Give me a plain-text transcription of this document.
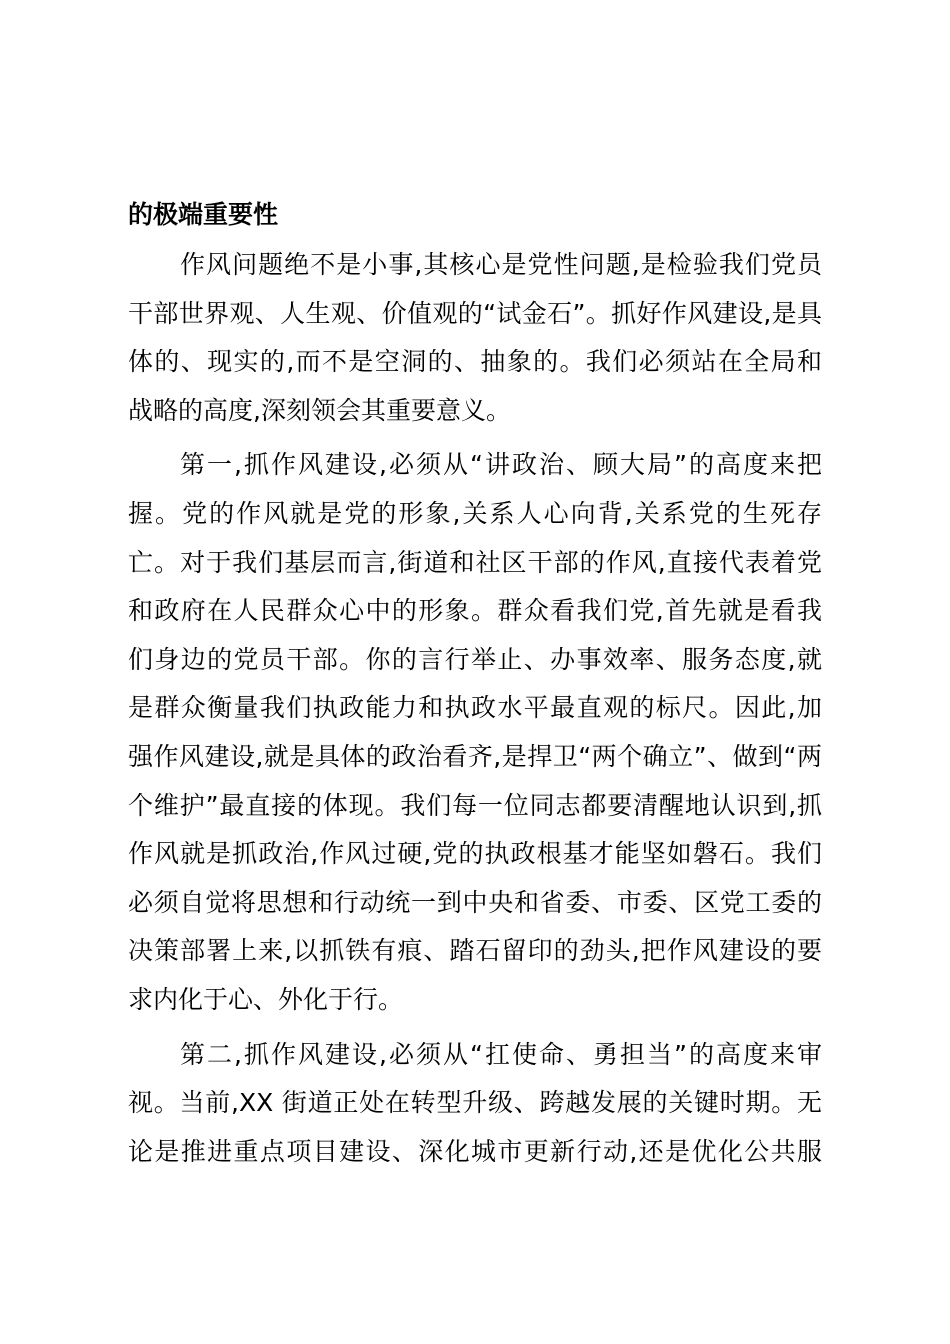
的极端重要性
作风问题绝不是小事,其核心是党性问题,是检验我们党员
干部世界观、人生观、价值观的“试金石”。抓好作风建设,是具
体的、现实的,而不是空洞的、抽象的。我们必须站在全局和
战略的高度,深刻领会其重要意义。
第一,抓作风建设,必须从“讲政治、顾大局”的高度来把
握。党的作风就是党的形象,关系人心向背,关系党的生死存
亡。对于我们基层而言,街道和社区干部的作风,直接代表着党
和政府在人民群众心中的形象。群众看我们党,首先就是看我
们身边的党员干部。你的言行举止、办事效率、服务态度,就
是群众衡量我们执政能力和执政水平最直观的标尺。因此,加
强作风建设,就是具体的政治看齐,是捍卫“两个确立”、做到“两
个维护”最直接的体现。我们每一位同志都要清醒地认识到,抓
作风就是抓政治,作风过硬,党的执政根基才能坚如磐石。我们
必须自觉将思想和行动统一到中央和省委、市委、区党工委的
决策部署上来,以抓铁有痕、踏石留印的劲头,把作风建设的要
求内化于心、外化于行。
第二,抓作风建设,必须从“扛使命、勇担当”的高度来审
视。当前,XX 街道正处在转型升级、跨越发展的关键时期。无
论是推进重点项目建设、深化城市更新行动,还是优化公共服
